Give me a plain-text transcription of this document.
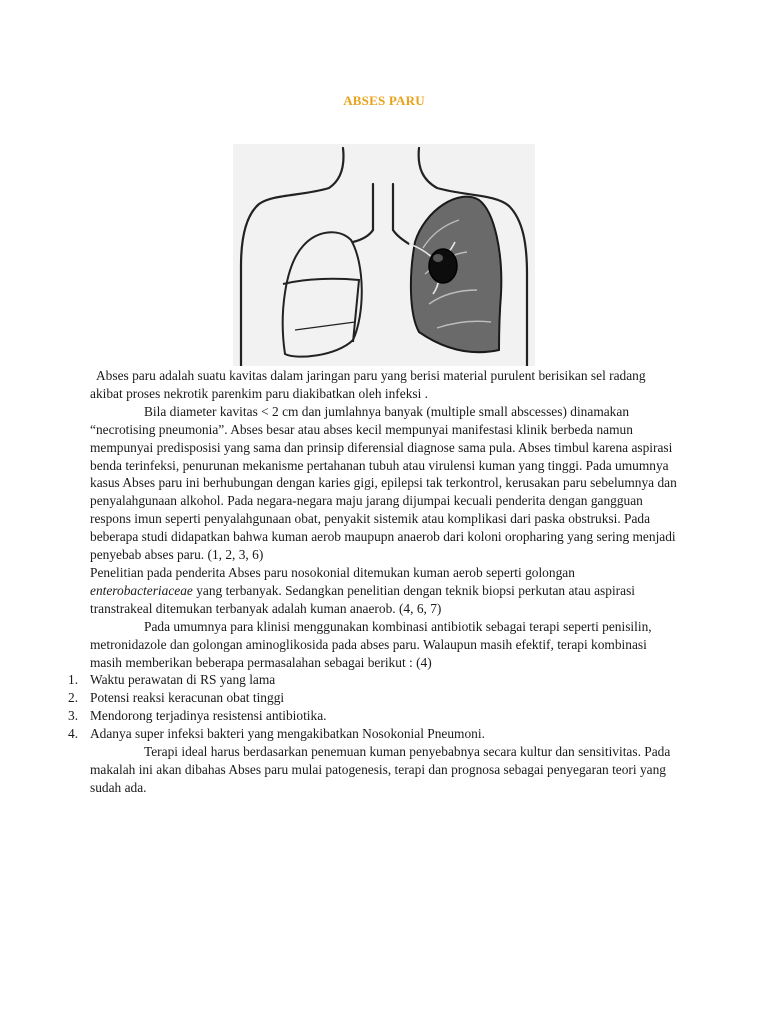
ABSES PARU

Abses paru adalah suatu kavitas dalam jaringan paru yang berisi material purulent berisikan sel radang akibat proses nekrotik parenkim paru diakibatkan oleh infeksi .

Bila diameter kavitas < 2 cm dan jumlahnya banyak (multiple small abscesses) dinamakan “necrotising pneumonia”. Abses besar atau abses kecil mempunyai manifestasi klinik berbeda namun mempunyai predisposisi yang sama dan prinsip diferensial diagnose sama pula. Abses timbul karena aspirasi benda terinfeksi, penurunan mekanisme pertahanan tubuh atau virulensi kuman yang tinggi. Pada umumnya kasus Abses paru ini berhubungan dengan karies gigi, epilepsi tak terkontrol, kerusakan paru sebelumnya dan penyalahgunaan alkohol. Pada negara-negara maju jarang dijumpai kecuali penderita dengan gangguan respons imun seperti penyalahgunaan obat, penyakit sistemik atau komplikasi dari paska obstruksi. Pada beberapa studi didapatkan bahwa kuman aerob maupupn anaerob dari koloni oropharing yang sering menjadi penyebab abses paru. (1, 2, 3, 6)

Penelitian pada penderita Abses paru nosokonial ditemukan kuman aerob seperti golongan enterobacteriaceae yang terbanyak. Sedangkan penelitian dengan teknik biopsi perkutan atau aspirasi transtrakeal ditemukan terbanyak adalah kuman anaerob. (4, 6, 7)

Pada umumnya para klinisi menggunakan kombinasi antibiotik sebagai terapi seperti penisilin, metronidazole dan golongan aminoglikosida pada abses paru. Walaupun masih efektif, terapi kombinasi masih memberikan beberapa permasalahan sebagai berikut : (4)

1. Waktu perawatan di RS yang lama
2. Potensi reaksi keracunan obat tinggi
3. Mendorong terjadinya resistensi antibiotika.
4. Adanya super infeksi bakteri yang mengakibatkan Nosokonial Pneumoni.

Terapi ideal harus berdasarkan penemuan kuman penyebabnya secara kultur dan sensitivitas. Pada makalah ini akan dibahas Abses paru mulai patogenesis, terapi dan prognosa sebagai penyegaran teori yang sudah ada.
